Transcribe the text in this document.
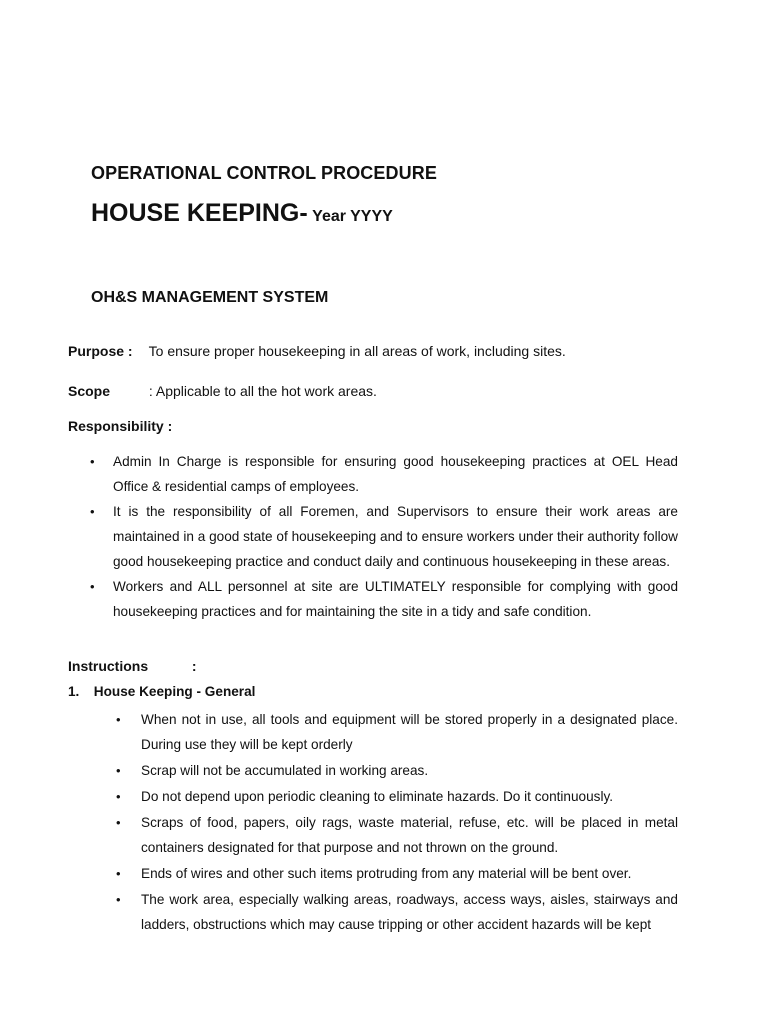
OPERATIONAL CONTROL PROCEDURE
HOUSE KEEPING- Year YYYY
OH&S MANAGEMENT SYSTEM
Purpose : To ensure proper housekeeping in all areas of work, including sites.
Scope	: Applicable to all the hot work areas.
Responsibility :
• Admin In Charge is responsible for ensuring good housekeeping practices at OEL Head Office & residential camps of employees.
• It is the responsibility of all Foremen, and Supervisors to ensure their work areas are maintained in a good state of housekeeping and to ensure workers under their authority follow good housekeeping practice and conduct daily and continuous housekeeping in these areas.
• Workers and ALL personnel at site are ULTIMATELY responsible for complying with good housekeeping practices and for maintaining the site in a tidy and safe condition.
Instructions	:
1. House Keeping - General
• When not in use, all tools and equipment will be stored properly in a designated place. During use they will be kept orderly
• Scrap will not be accumulated in working areas.
• Do not depend upon periodic cleaning to eliminate hazards. Do it continuously.
• Scraps of food, papers, oily rags, waste material, refuse, etc. will be placed in metal containers designated for that purpose and not thrown on the ground.
• Ends of wires and other such items protruding from any material will be bent over.
• The work area, especially walking areas, roadways, access ways, aisles, stairways and ladders, obstructions which may cause tripping or other accident hazards will be kept
